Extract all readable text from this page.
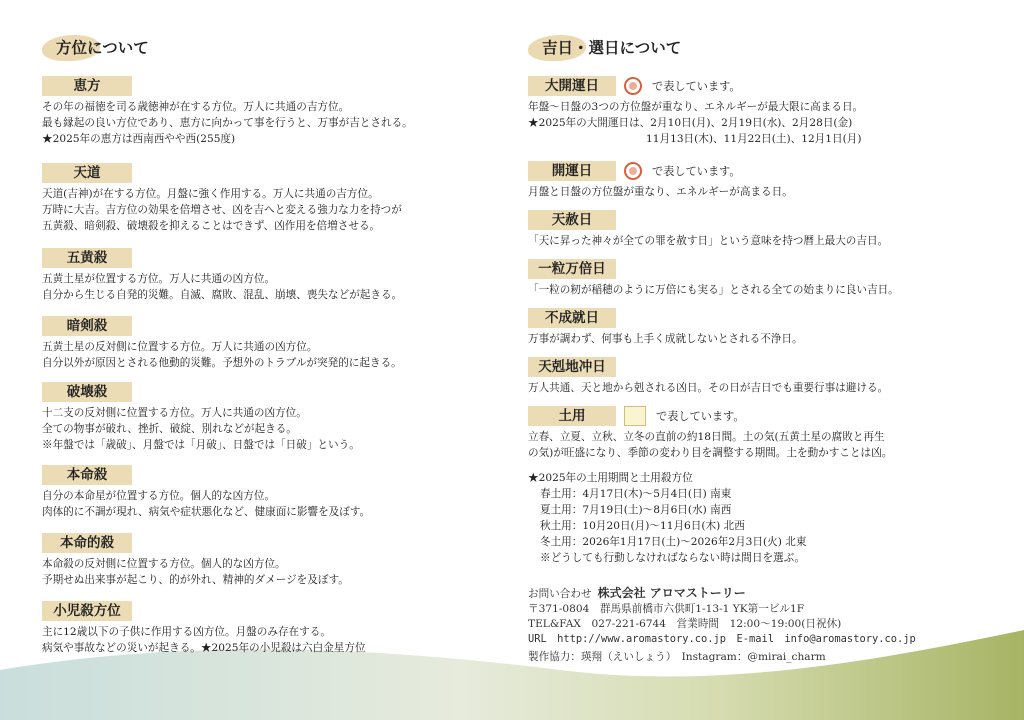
方位について
恵方
その年の福徳を司る歳徳神が在する方位。万人に共通の吉方位。
最も縁起の良い方位であり、恵方に向かって事を行うと、万事が吉とされる。
★2025年の恵方は西南西やや西(255度)
天道
天道(吉神)が在する方位。月盤に強く作用する。万人に共通の吉方位。
万時に大吉。吉方位の効果を倍増させ、凶を吉へと変える強力な力を持つが
五黄殺、暗剣殺、破壊殺を抑えることはできず、凶作用を倍増させる。
五黄殺
五黄土星が位置する方位。万人に共通の凶方位。
自分から生じる自発的災難。自滅、腐敗、混乱、崩壊、喪失などが起きる。
暗剣殺
五黄土星の反対側に位置する方位。万人に共通の凶方位。
自分以外が原因とされる他動的災難。予想外のトラブルが突発的に起きる。
破壊殺
十二支の反対側に位置する方位。万人に共通の凶方位。
全ての物事が破れ、挫折、破綻、別れなどが起きる。
※年盤では「歳破」、月盤では「月破」、日盤では「日破」という。
本命殺
自分の本命星が位置する方位。個人的な凶方位。
肉体的に不調が現れ、病気や症状悪化など、健康面に影響を及ぼす。
本命的殺
本命殺の反対側に位置する方位。個人的な凶方位。
予期せぬ出来事が起こり、的が外れ、精神的ダメージを及ぼす。
小児殺方位
主に12歳以下の子供に作用する凶方位。月盤のみ存在する。
病気や事故などの災いが起きる。★2025年の小児殺は六白金星方位
吉日・選日について
大開運日	で表しています。
年盤〜日盤の3つの方位盤が重なり、エネルギーが最大限に高まる日。
★2025年の大開運日は、2月10日(月)、2月19日(水)、2月28日(金)
11月13日(木)、11月22日(土)、12月1日(月)
開運日	で表しています。
月盤と日盤の方位盤が重なり、エネルギーが高まる日。
天赦日
「天に昇った神々が全ての罪を赦す日」という意味を持つ暦上最大の吉日。
一粒万倍日
「一粒の籾が稲穂のように万倍にも実る」とされる全ての始まりに良い吉日。
不成就日
万事が調わず、何事も上手く成就しないとされる不浄日。
天剋地冲日
万人共通、天と地から剋される凶日。その日が吉日でも重要行事は避ける。
土用	で表しています。
立春、立夏、立秋、立冬の直前の約18日間。土の気(五黄土星の腐敗と再生
の気)が旺盛になり、季節の変わり目を調整する期間。土を動かすことは凶。
★2025年の土用期間と土用殺方位
春土用：4月17日(木)〜5月4日(日) 南東
夏土用：7月19日(土)〜8月6日(水) 南西
秋土用：10月20日(月)〜11月6日(木) 北西
冬土用：2026年1月17日(土)〜2026年2月3日(火) 北東
※どうしても行動しなければならない時は間日を選ぶ。
お問い合わせ 株式会社 アロマストーリー
〒371-0804　群馬県前橋市六供町1-13-1 YK第一ビル1F
TEL&FAX　027-221-6744　営業時間　12:00〜19:00(日祝休)
URL　http://www.aromastory.co.jp　E-mail　info@aromastory.co.jp
製作協力：瑛翔（えいしょう）　Instagram：@mirai_charm
